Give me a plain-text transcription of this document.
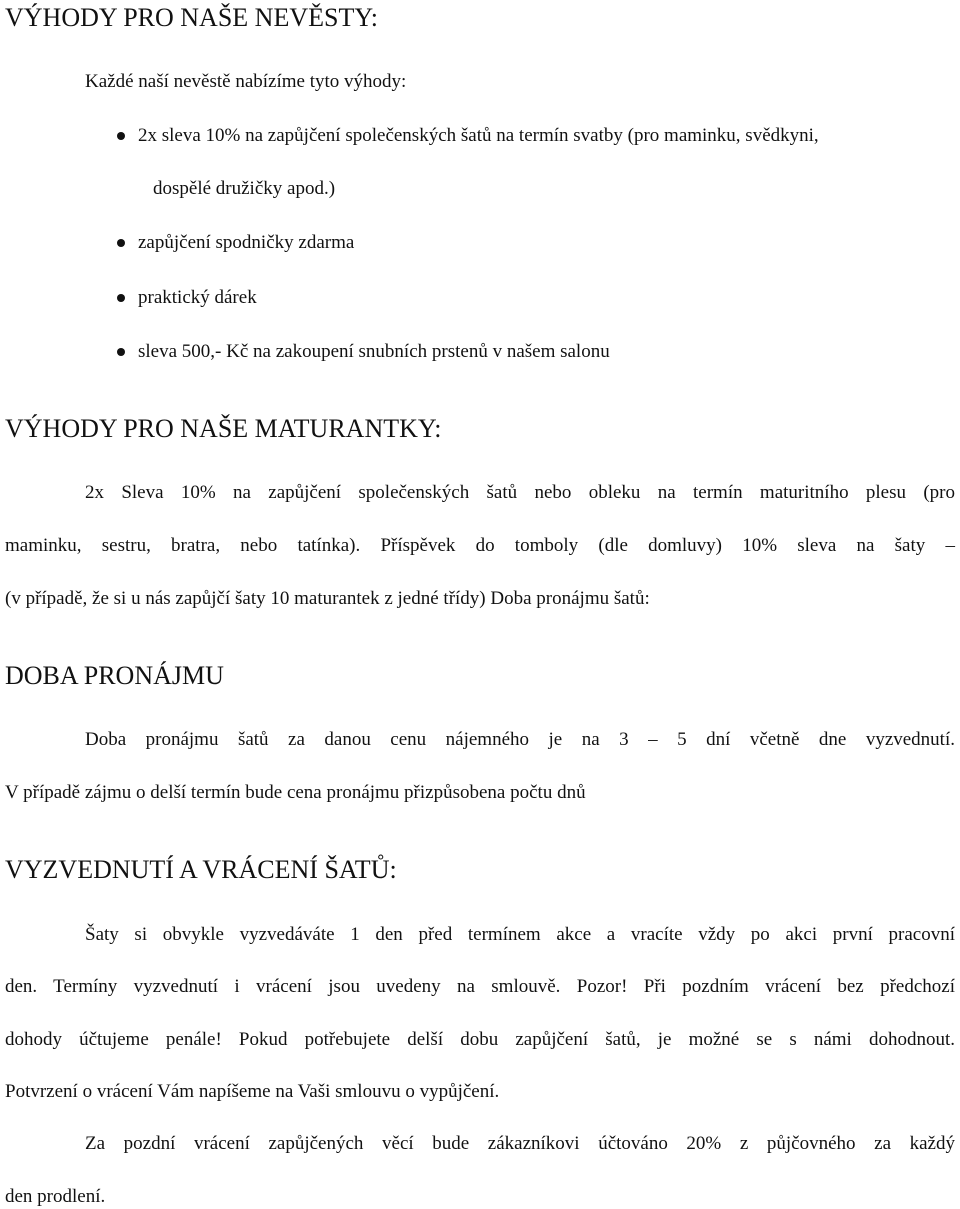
VÝHODY PRO NAŠE NEVĚSTY:
Každé naší nevěstě nabízíme tyto výhody:
2x sleva 10% na zapůjčení společenských šatů na termín svatby (pro maminku, svědkyni,
dospělé družičky apod.)
zapůjčení spodničky zdarma
praktický dárek
sleva 500,- Kč na zakoupení snubních prstenů v našem salonu
VÝHODY PRO NAŠE MATURANTKY:
2x Sleva 10% na zapůjčení společenských šatů nebo obleku na termín maturitního plesu (pro
maminku, sestru, bratra, nebo tatínka). Příspěvek do tomboly (dle domluvy) 10% sleva na šaty –
(v případě, že si u nás zapůjčí šaty 10 maturantek z jedné třídy) Doba pronájmu šatů:
DOBA PRONÁJMU
Doba pronájmu šatů za danou cenu nájemného je na 3 – 5 dní včetně dne vyzvednutí.
V případě zájmu o delší termín bude cena pronájmu přizpůsobena počtu dnů
VYZVEDNUTÍ A VRÁCENÍ ŠATŮ:
Šaty si obvykle vyzvedáváte 1 den před termínem akce a vracíte vždy po akci první pracovní
den. Termíny vyzvednutí i vrácení jsou uvedeny na smlouvě. Pozor! Při pozdním vrácení bez předchozí
dohody účtujeme penále! Pokud potřebujete delší dobu zapůjčení šatů, je možné se s námi dohodnout.
Potvrzení o vrácení Vám napíšeme na Vaši smlouvu o vypůjčení.
Za pozdní vrácení zapůjčených věcí bude zákazníkovi účtováno 20% z půjčovného za každý
den prodlení.
